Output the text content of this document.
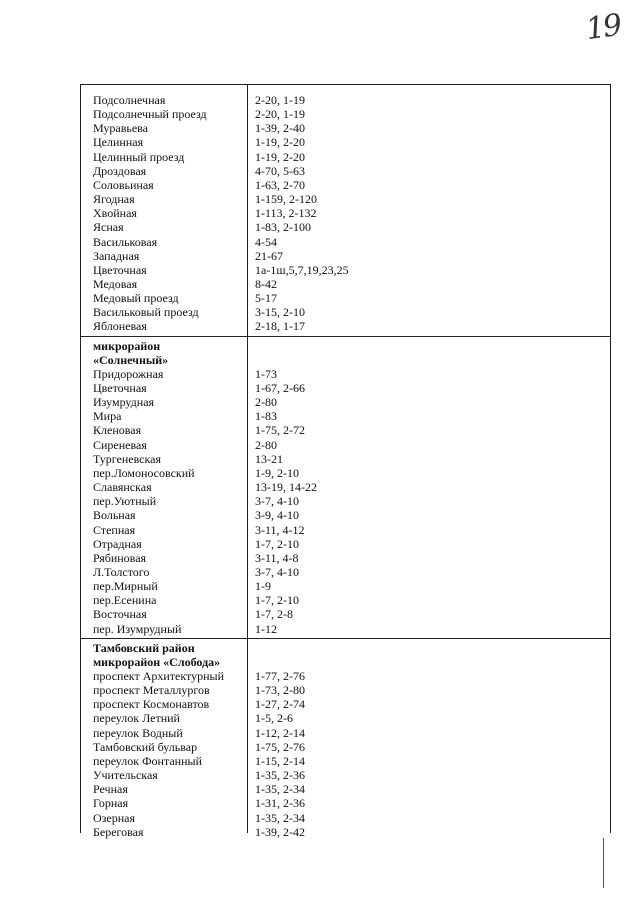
19
Подсолнечная	2-20, 1-19
Подсолнечный проезд	2-20, 1-19
Муравьева	1-39, 2-40
Целинная	1-19, 2-20
Целинный проезд	1-19, 2-20
Дроздовая	4-70, 5-63
Соловьиная	1-63, 2-70
Ягодная	1-159, 2-120
Хвойная	1-113, 2-132
Ясная	1-83, 2-100
Васильковая	4-54
Западная	21-67
Цветочная	1а-1ш,5,7,19,23,25
Медовая	8-42
Медовый проезд	5-17
Васильковый проезд	3-15, 2-10
Яблоневая	2-18, 1-17
микрорайон
«Солнечный»
Придорожная	1-73
Цветочная	1-67, 2-66
Изумрудная	2-80
Мира	1-83
Кленовая	1-75, 2-72
Сиреневая	2-80
Тургеневская	13-21
пер.Ломоносовский	1-9, 2-10
Славянская	13-19, 14-22
пер.Уютный	3-7, 4-10
Вольная	3-9, 4-10
Степная	3-11, 4-12
Отрадная	1-7, 2-10
Рябиновая	3-11, 4-8
Л.Толстого	3-7, 4-10
пер.Мирный	1-9
пер.Есенина	1-7, 2-10
Восточная	1-7, 2-8
пер. Изумрудный	1-12
Тамбовский район
микрорайон «Слобода»
проспект Архитектурный	1-77, 2-76
проспект Металлургов	1-73, 2-80
проспект Космонавтов	1-27, 2-74
переулок Летний	1-5, 2-6
переулок Водный	1-12, 2-14
Тамбовский бульвар	1-75, 2-76
переулок Фонтанный	1-15, 2-14
Учительская	1-35, 2-36
Речная	1-35, 2-34
Горная	1-31, 2-36
Озерная	1-35, 2-34
Береговая	1-39, 2-42
